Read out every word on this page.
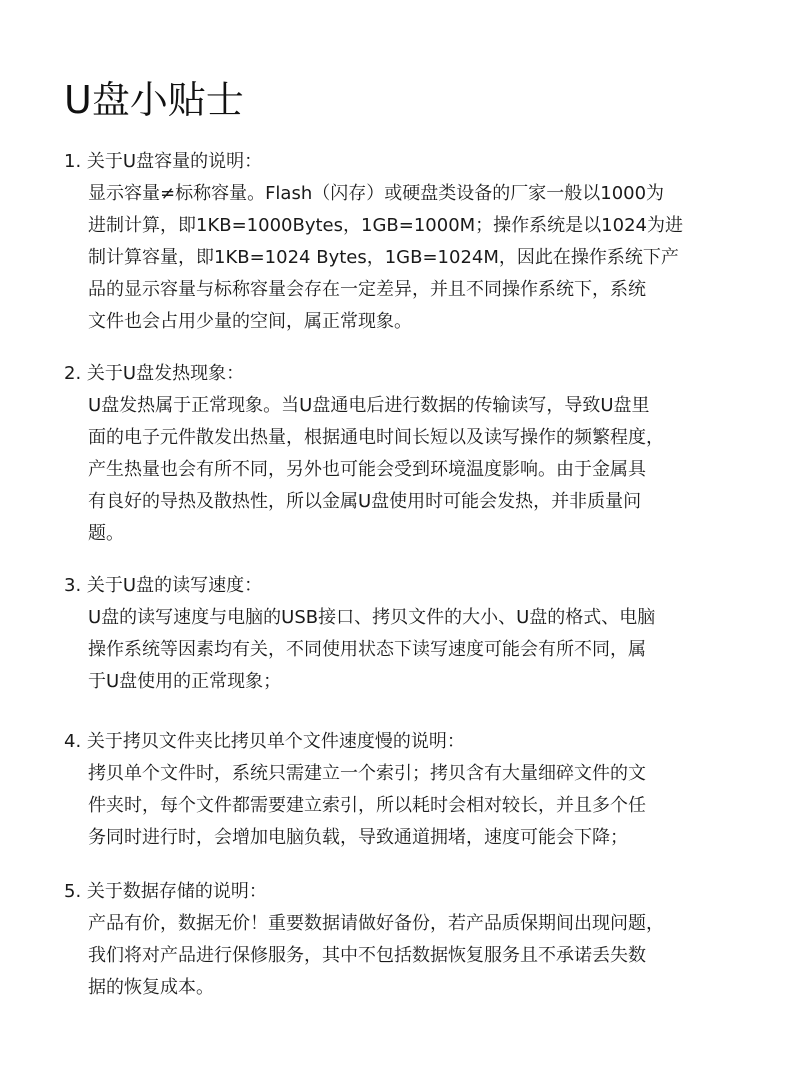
U盘小贴士

1. 关于U盘容量的说明：

显示容量≠标称容量。Flash（闪存）或硬盘类设备的厂家一般以1000为
进制计算，即1KB=1000Bytes，1GB=1000M；操作系统是以1024为进
制计算容量，即1KB=1024 Bytes，1GB=1024M，因此在操作系统下产
品的显示容量与标称容量会存在一定差异，并且不同操作系统下，系统
文件也会占用少量的空间，属正常现象。

2. 关于U盘发热现象：

U盘发热属于正常现象。当U盘通电后进行数据的传输读写，导致U盘里
面的电子元件散发出热量，根据通电时间长短以及读写操作的频繁程度，
产生热量也会有所不同，另外也可能会受到环境温度影响。由于金属具
有良好的导热及散热性，所以金属U盘使用时可能会发热，并非质量问
题。

3. 关于U盘的读写速度：

U盘的读写速度与电脑的USB接口、拷贝文件的大小、U盘的格式、电脑
操作系统等因素均有关，不同使用状态下读写速度可能会有所不同，属
于U盘使用的正常现象；

4. 关于拷贝文件夹比拷贝单个文件速度慢的说明：

拷贝单个文件时，系统只需建立一个索引；拷贝含有大量细碎文件的文
件夹时，每个文件都需要建立索引，所以耗时会相对较长，并且多个任
务同时进行时，会增加电脑负载，导致通道拥堵，速度可能会下降；

5. 关于数据存储的说明：

产品有价，数据无价！重要数据请做好备份，若产品质保期间出现问题，
我们将对产品进行保修服务，其中不包括数据恢复服务且不承诺丢失数
据的恢复成本。
